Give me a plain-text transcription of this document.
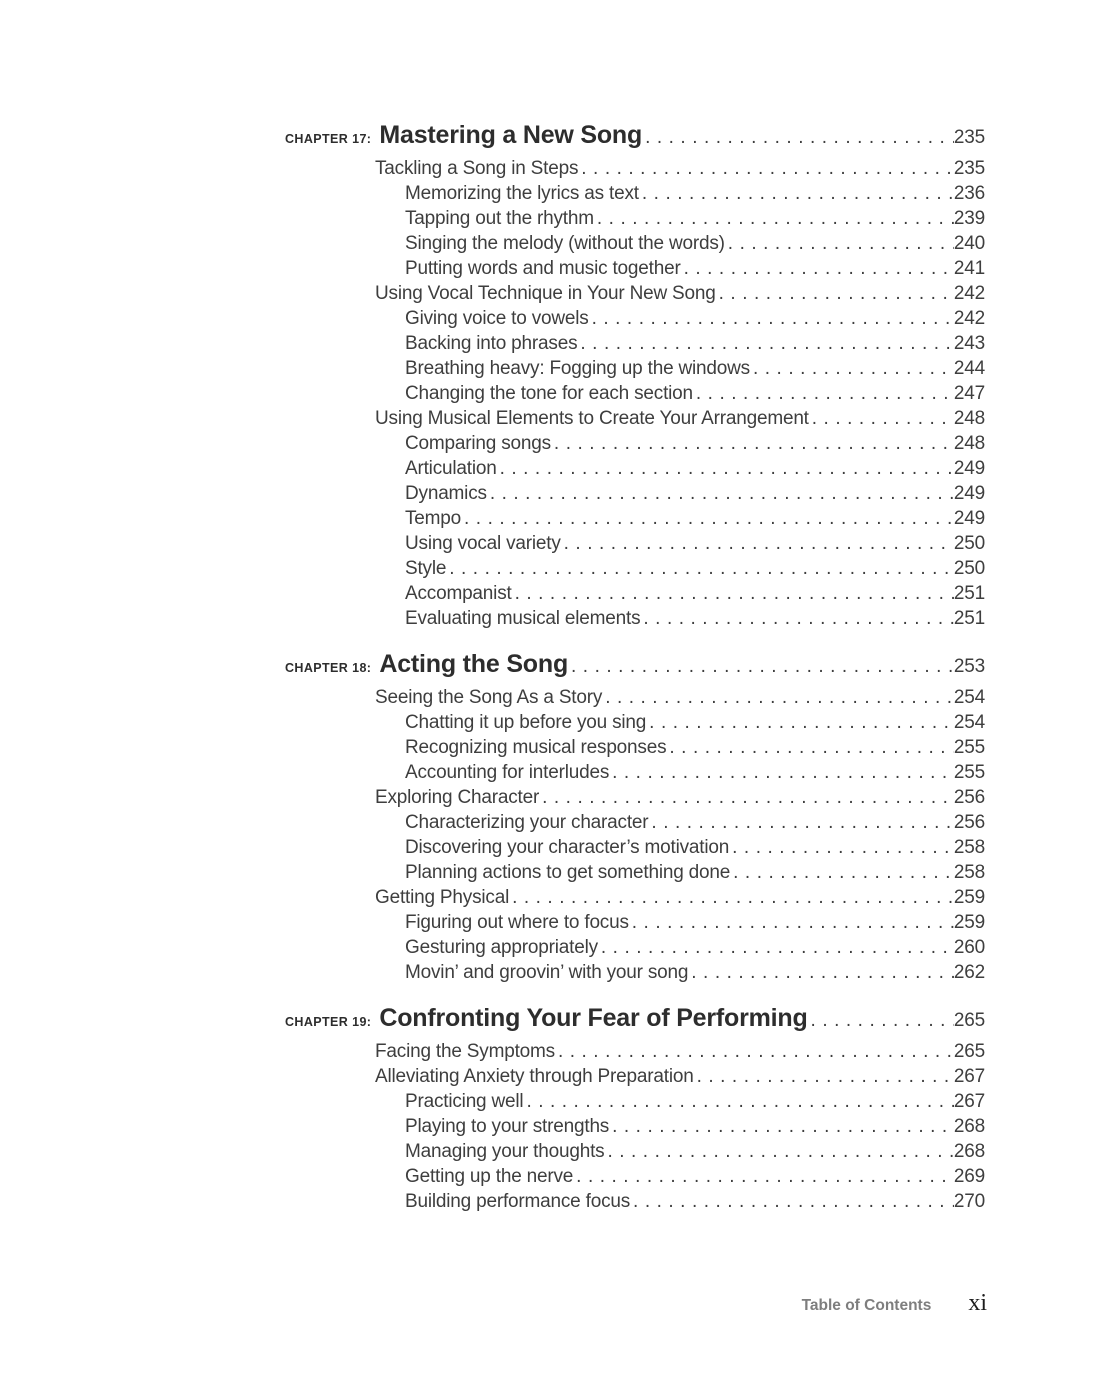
CHAPTER 17: Mastering a New Song .....	235
Tackling a Song in Steps .....	235
Memorizing the lyrics as text .....	236
Tapping out the rhythm .....	239
Singing the melody (without the words) .....	240
Putting words and music together .....	241
Using Vocal Technique in Your New Song .....	242
Giving voice to vowels .....	242
Backing into phrases .....	243
Breathing heavy: Fogging up the windows .....	244
Changing the tone for each section .....	247
Using Musical Elements to Create Your Arrangement .....	248
Comparing songs .....	248
Articulation .....	249
Dynamics .....	249
Tempo .....	249
Using vocal variety .....	250
Style .....	250
Accompanist .....	251
Evaluating musical elements .....	251
CHAPTER 18: Acting the Song .....	253
Seeing the Song As a Story .....	254
Chatting it up before you sing .....	254
Recognizing musical responses .....	255
Accounting for interludes .....	255
Exploring Character .....	256
Characterizing your character .....	256
Discovering your character’s motivation .....	258
Planning actions to get something done .....	258
Getting Physical .....	259
Figuring out where to focus .....	259
Gesturing appropriately .....	260
Movin’ and groovin’ with your song .....	262
CHAPTER 19: Confronting Your Fear of Performing .....	265
Facing the Symptoms .....	265
Alleviating Anxiety through Preparation .....	267
Practicing well .....	267
Playing to your strengths .....	268
Managing your thoughts .....	268
Getting up the nerve .....	269
Building performance focus .....	270
Table of Contents xi
